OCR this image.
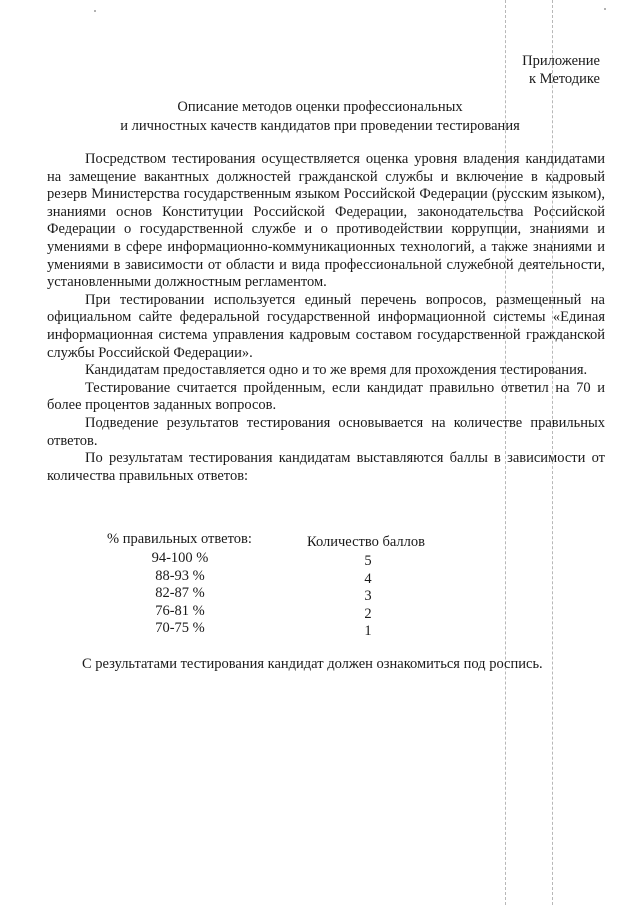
Приложение
к Методике
Описание методов оценки профессиональных
и личностных качеств кандидатов при проведении тестирования

Посредством тестирования осуществляется оценка уровня владения кандидатами на замещение вакантных должностей гражданской службы и включение в кадровый резерв Министерства государственным языком Российской Федерации (русским языком), знаниями основ Конституции Российской Федерации, законодательства Российской Федерации о государственной службе и о противодействии коррупции, знаниями и умениями в сфере информационно-коммуникационных технологий, а также знаниями и умениями в зависимости от области и вида профессиональной служебной деятельности, установленными должностным регламентом.

При тестировании используется единый перечень вопросов, размещенный на официальном сайте федеральной государственной информационной системы «Единая информационная система управления кадровым составом государственной гражданской службы Российской Федерации».

Кандидатам предоставляется одно и то же время для прохождения тестирования.

Тестирование считается пройденным, если кандидат правильно ответил на 70 и более процентов заданных вопросов.

Подведение результатов тестирования основывается на количестве правильных ответов.

По результатам тестирования кандидатам выставляются баллы в зависимости от количества правильных ответов:

% правильных ответов:	Количество баллов
94-100 %	5
88-93 %	4
82-87 %	3
76-81 %	2
70-75 %	1
С результатами тестирования кандидат должен ознакомиться под роспись.
